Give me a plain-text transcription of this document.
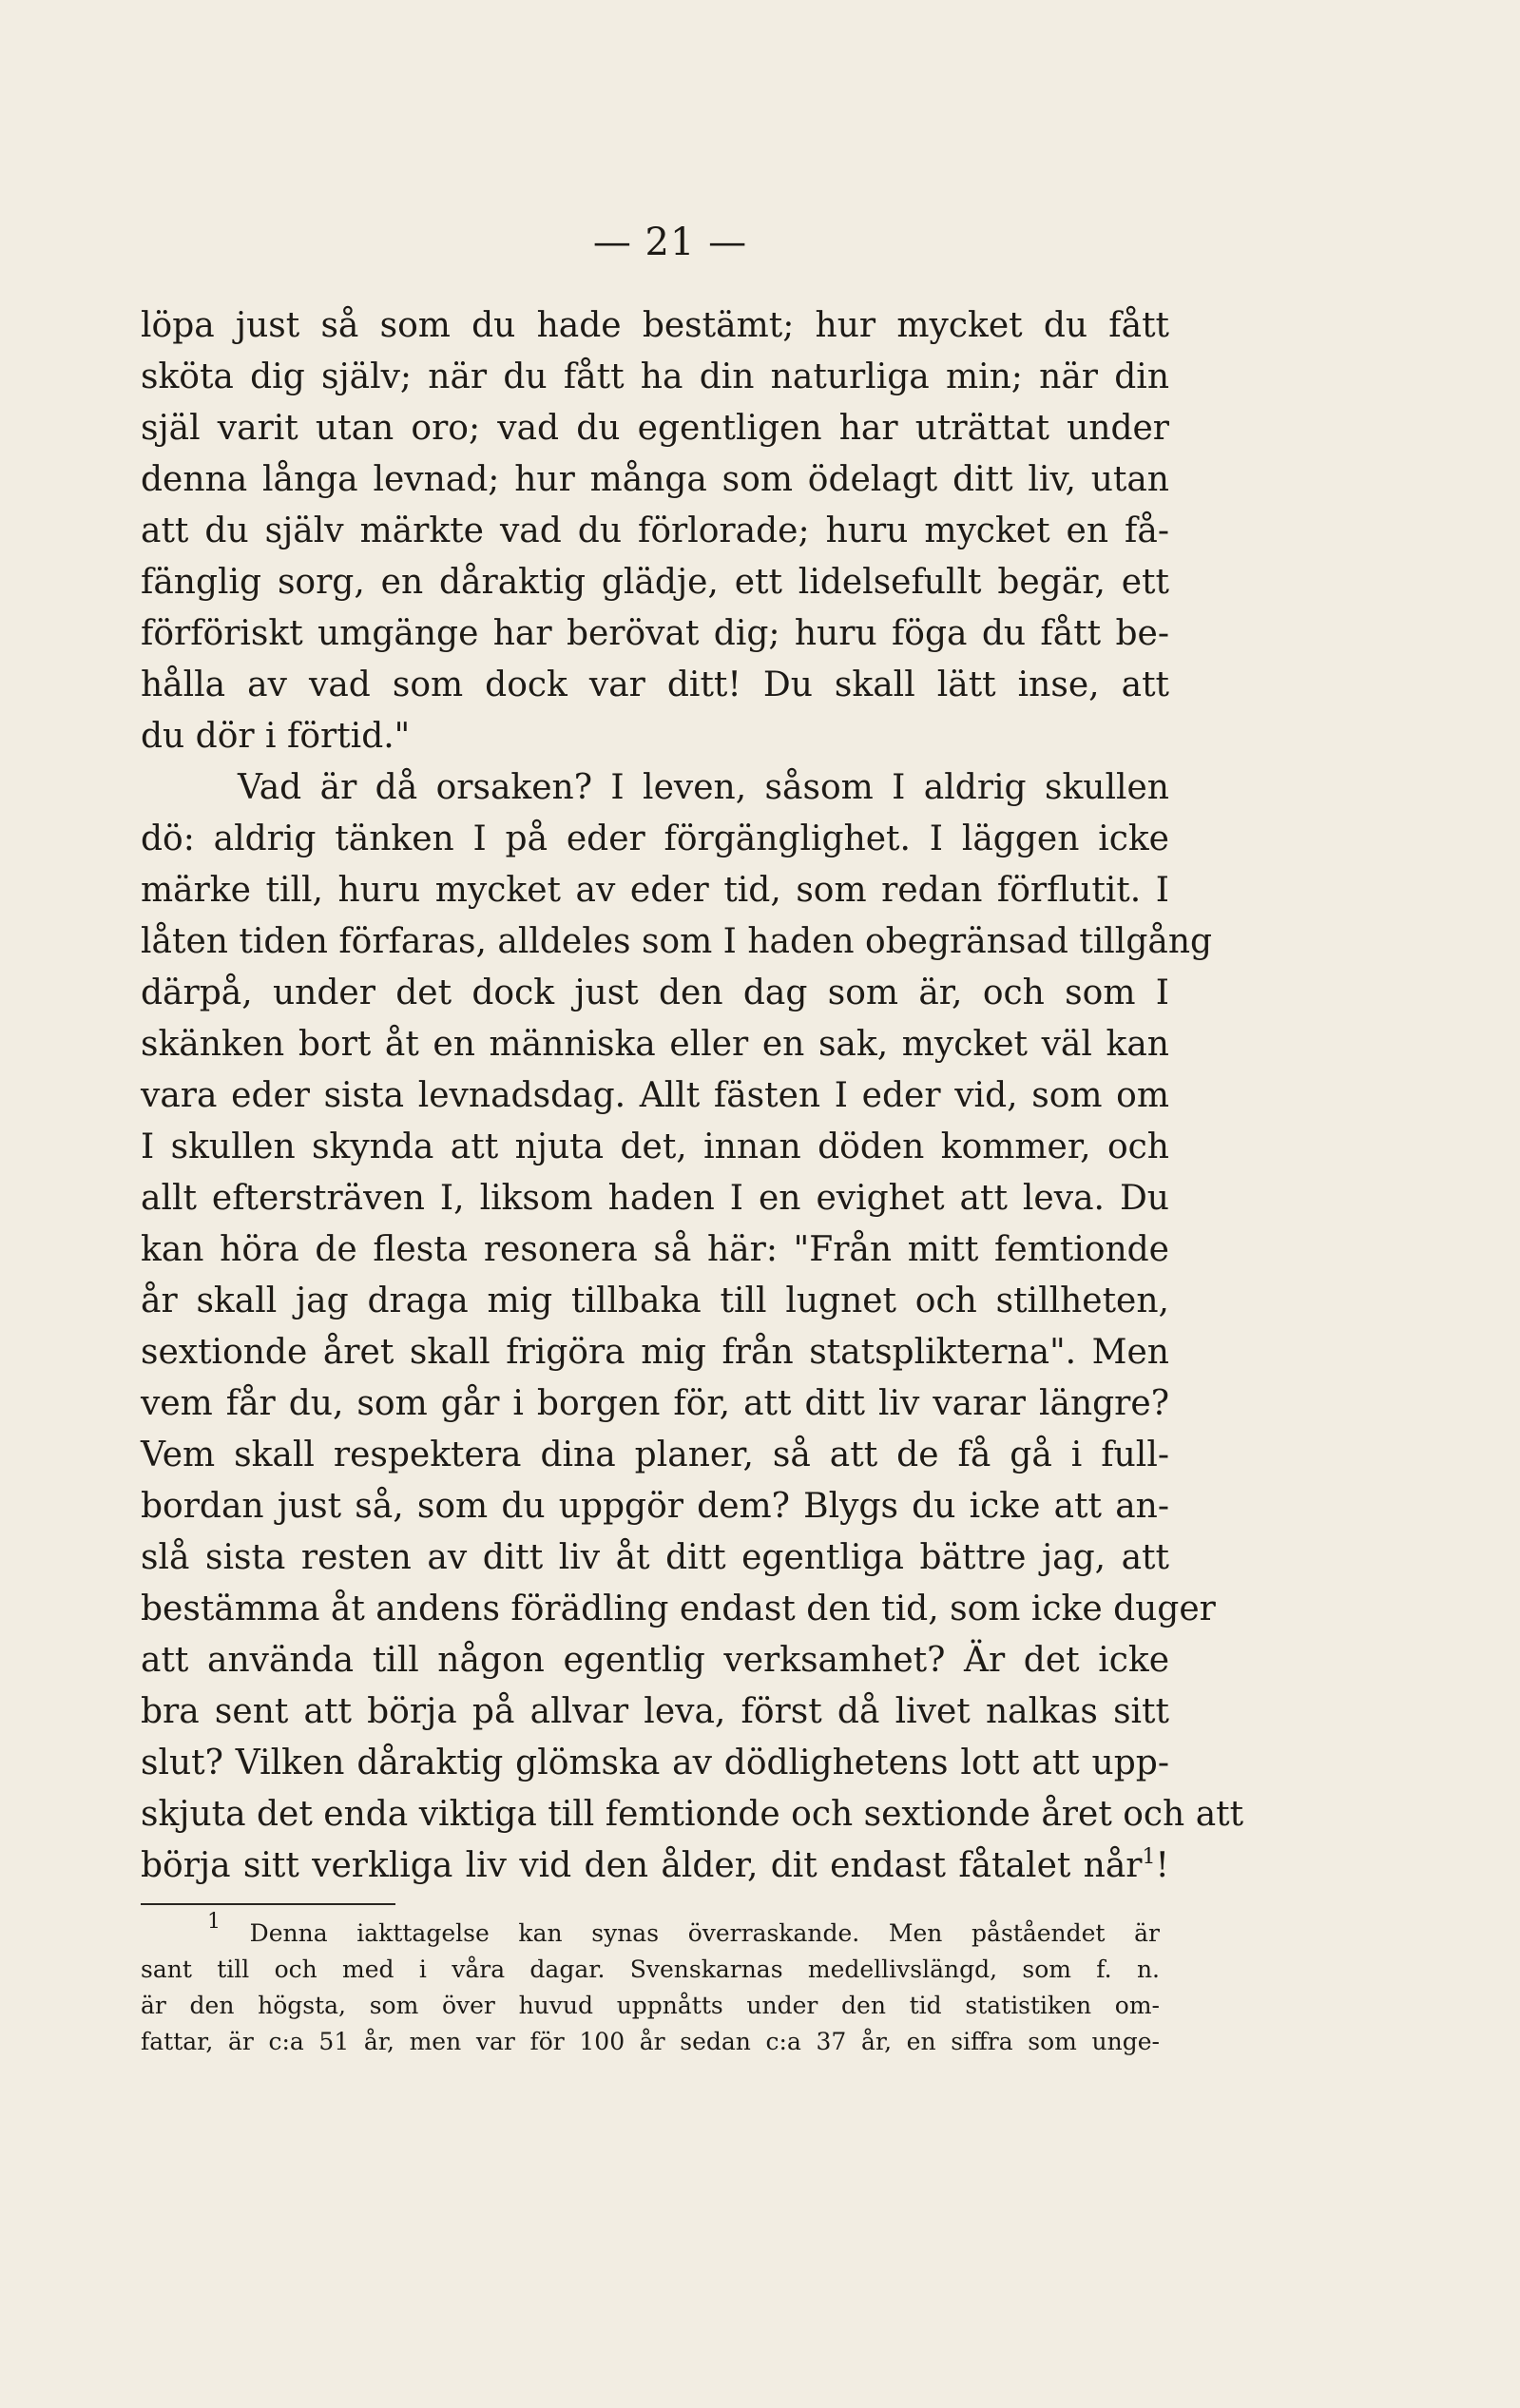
— 21 —
löpa just så som du hade bestämt; hur mycket du fått
sköta dig själv; när du fått ha din naturliga min; när din
själ varit utan oro; vad du egentligen har uträttat under
denna långa levnad; hur många som ödelagt ditt liv, utan
att du själv märkte vad du förlorade; huru mycket en få-
fänglig sorg, en dåraktig glädje, ett lidelsefullt begär, ett
förföriskt umgänge har berövat dig; huru föga du fått be-
hålla av vad som dock var ditt! Du skall lätt inse, att
du dör i förtid."
Vad är då orsaken? I leven, såsom I aldrig skullen
dö: aldrig tänken I på eder förgänglighet. I läggen icke
märke till, huru mycket av eder tid, som redan förflutit. I
låten tiden förfaras, alldeles som I haden obegränsad tillgång
därpå, under det dock just den dag som är, och som I
skänken bort åt en människa eller en sak, mycket väl kan
vara eder sista levnadsdag. Allt fästen I eder vid, som om
I skullen skynda att njuta det, innan döden kommer, och
allt eftersträven I, liksom haden I en evighet att leva. Du
kan höra de flesta resonera så här: "Från mitt femtionde
år skall jag draga mig tillbaka till lugnet och stillheten,
sextionde året skall frigöra mig från statsplikterna". Men
vem får du, som går i borgen för, att ditt liv varar längre?
Vem skall respektera dina planer, så att de få gå i full-
bordan just så, som du uppgör dem? Blygs du icke att an-
slå sista resten av ditt liv åt ditt egentliga bättre jag, att
bestämma åt andens förädling endast den tid, som icke duger
att använda till någon egentlig verksamhet? Är det icke
bra sent att börja på allvar leva, först då livet nalkas sitt
slut? Vilken dåraktig glömska av dödlighetens lott att upp-
skjuta det enda viktiga till femtionde och sextionde året och att
börja sitt verkliga liv vid den ålder, dit endast fåtalet når$^1$!
$^1$ Denna iakttagelse kan synas överraskande. Men påståendet är
sant till och med i våra dagar. Svenskarnas medellivslängd, som f. n.
är den högsta, som över huvud uppnåtts under den tid statistiken om-
fattar, är c:a 51 år, men var för 100 år sedan c:a 37 år, en siffra som unge-
